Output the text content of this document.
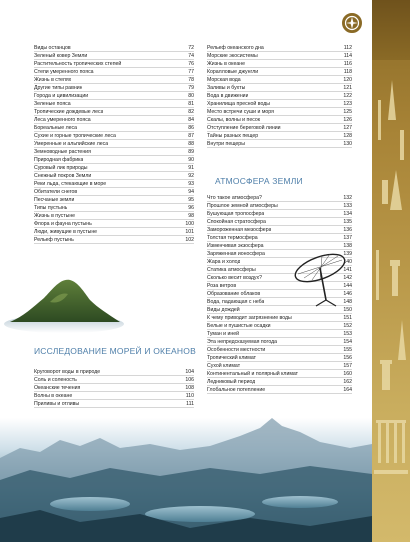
Виды останцов	72
Зеленый ковер Земли	74
Растительность тропических степей	76
Степи умеренного пояса	77
Жизнь в степях	78
Другие типы равнин	79
Города и цивилизации	80
Зеленые пояса	81
Тропические дождевые леса	82
Леса умеренного пояса	84
Бореальные леса	86
Сухие и горные тропические леса	87
Умеренные и альпийские леса	88
Земноводные растения	89
Природная фабрика	90
Суровый лик природы	91
Снежный покров Земли	92
Реки льда, стекающие в море	93
Обитатели снегов	94
Песчаные земли	95
Типы пустынь	96
Жизнь в пустыне	98
Флора и фауна пустынь	100
Люди, живущие в пустыне	101
Рельеф пустынь	102
Рельеф океанского дна	112
Морские экосистемы	114
Жизнь в океане	116
Коралловые джунгли	118
Морская вода	120
Заливы и бухты	121
Вода в движении	122
Хранилища пресной воды	123
Место встречи суши и моря	125
Скалы, волны и песок	126
Отступление береговой линии	127
Тайны разных пещер	128
Внутри пещеры	130
Что такое атмосфера?	132
Прошлое земной атмосферы	133
Бушующая тропосфера	134
Спокойная стратосфера	135
Замороженная мезосфера	136
Толстая термосфера	137
Изменчивая экзосфера	138
Заряженная ионосфера	139
Жара и холод	140
Статика атмосферы	141
Сколько весит воздух?	142
Роза ветров	144
Образование облаков	146
Вода, падающая с неба	148
Виды дождей	150
К чему приводит загрязнение воды	151
Белые и пушистые осадки	152
Туман и иней	153
Эта непредсказуемая погода	154
Особенности местности	155
Тропический климат	156
Сухой климат	157
Континентальный и полярный климат	160
Ледниковый период	162
Глобальное потепление	164
Круговорот воды в природе	104
Соль и соленость	106
Океанские течения	108
Волны в океане	110
Приливы и отливы	111
ИССЛЕДОВАНИЕ МОРЕЙ И ОКЕАНОВ
АТМОСФЕРА ЗЕМЛИ
